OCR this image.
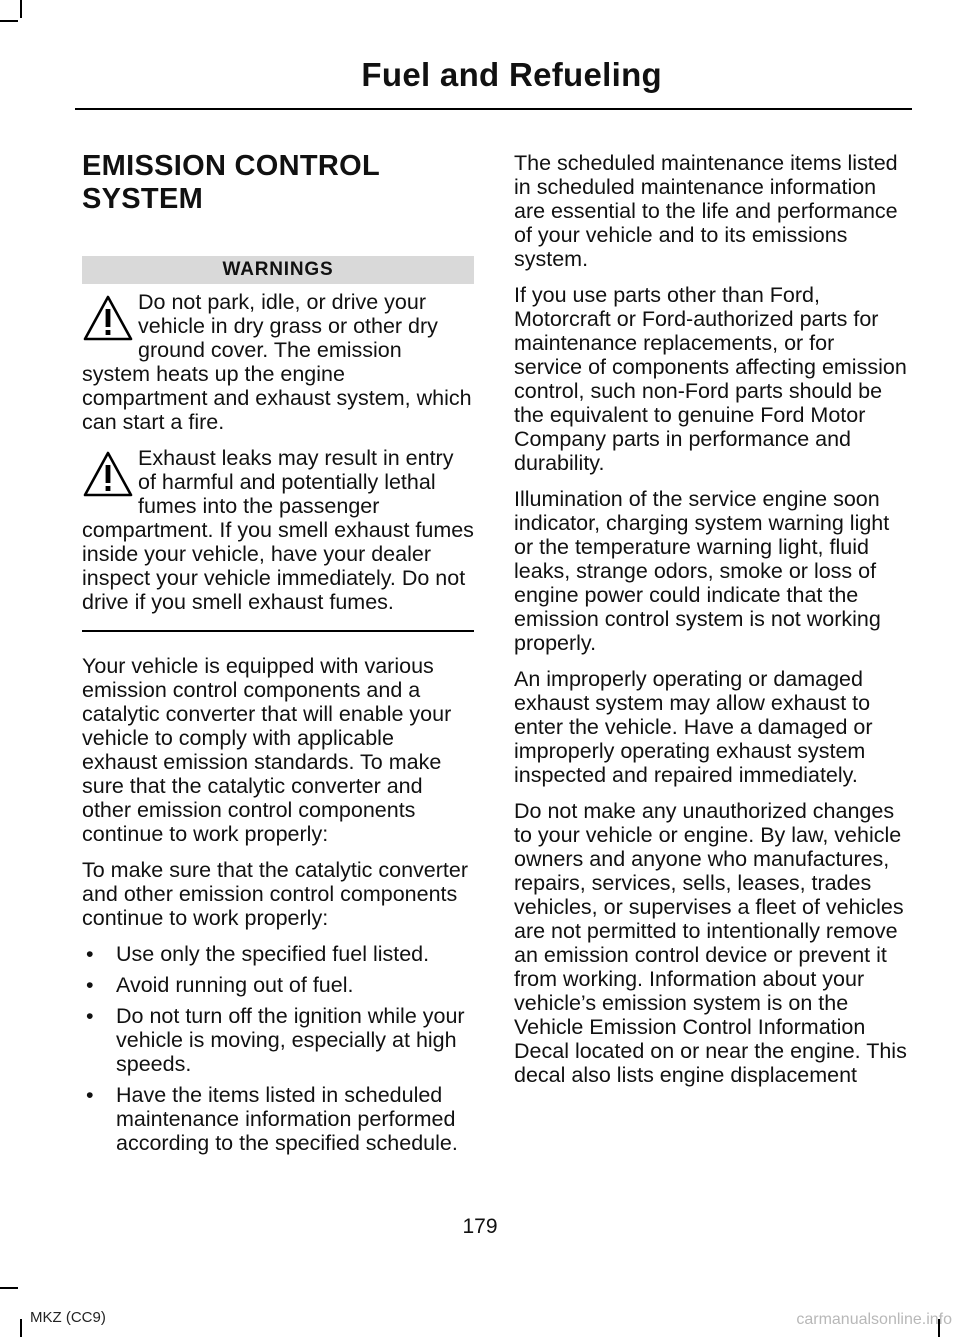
Fuel and Refueling
EMISSION CONTROL
SYSTEM
WARNINGS
Do not park, idle, or drive your vehicle in dry grass or other dry ground cover. The emission system heats up the engine compartment and exhaust system, which can start a fire.
Exhaust leaks may result in entry of harmful and potentially lethal fumes into the passenger compartment. If you smell exhaust fumes inside your vehicle, have your dealer inspect your vehicle immediately. Do not drive if you smell exhaust fumes.

Your vehicle is equipped with various emission control components and a catalytic converter that will enable your vehicle to comply with applicable exhaust emission standards. To make sure that the catalytic converter and other emission control components continue to work properly:

To make sure that the catalytic converter and other emission control components continue to work properly:

• Use only the specified fuel listed.
• Avoid running out of fuel.
• Do not turn off the ignition while your vehicle is moving, especially at high speeds.
• Have the items listed in scheduled maintenance information performed according to the specified schedule.

The scheduled maintenance items listed in scheduled maintenance information are essential to the life and performance of your vehicle and to its emissions system.

If you use parts other than Ford, Motorcraft or Ford-authorized parts for maintenance replacements, or for service of components affecting emission control, such non-Ford parts should be the equivalent to genuine Ford Motor Company parts in performance and durability.

Illumination of the service engine soon indicator, charging system warning light or the temperature warning light, fluid leaks, strange odors, smoke or loss of engine power could indicate that the emission control system is not working properly.

An improperly operating or damaged exhaust system may allow exhaust to enter the vehicle. Have a damaged or improperly operating exhaust system inspected and repaired immediately.

Do not make any unauthorized changes to your vehicle or engine. By law, vehicle owners and anyone who manufactures, repairs, services, sells, leases, trades vehicles, or supervises a fleet of vehicles are not permitted to intentionally remove an emission control device or prevent it from working. Information about your vehicle’s emission system is on the Vehicle Emission Control Information Decal located on or near the engine. This decal also lists engine displacement

179
MKZ (CC9)	carmanualsonline.info
